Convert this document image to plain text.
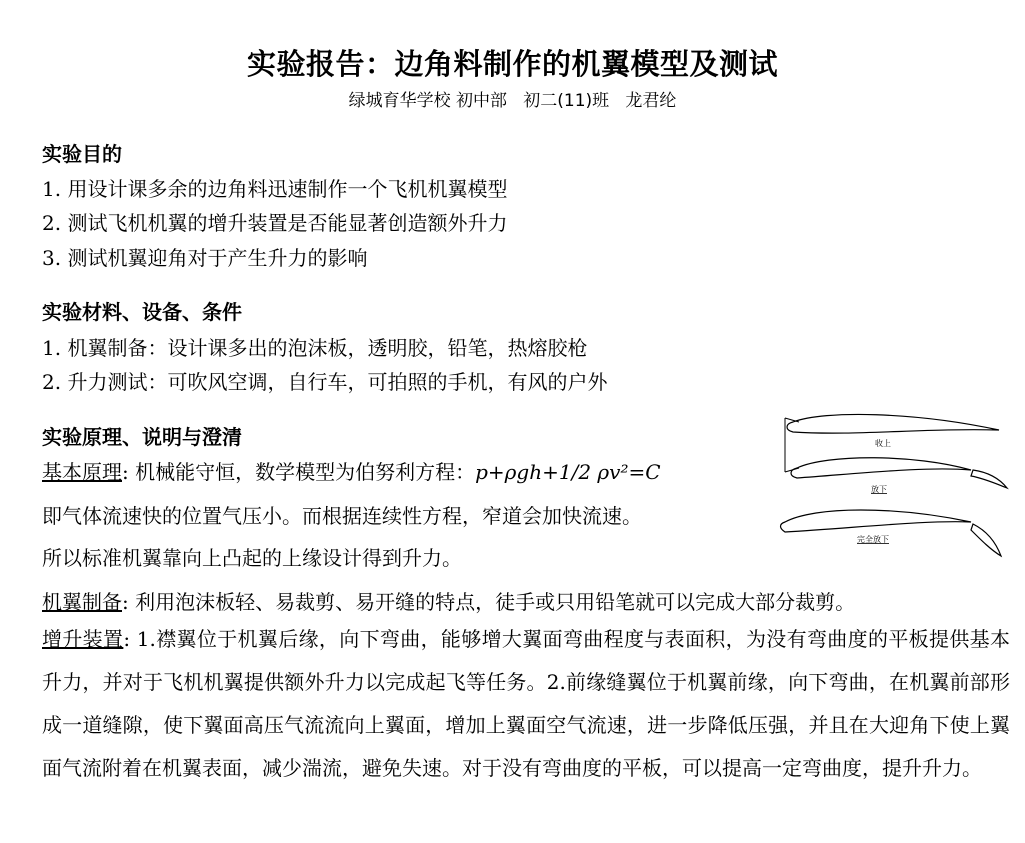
实验报告：边角料制作的机翼模型及测试
绿城育华学校 初中部   初二(11)班   龙君纶
实验目的
1. 用设计课多余的边角料迅速制作一个飞机机翼模型
2. 测试飞机机翼的增升装置是否能显著创造额外升力
3. 测试机翼迎角对于产生升力的影响
实验材料、设备、条件
1. 机翼制备：设计课多出的泡沫板，透明胶，铅笔，热熔胶枪
2. 升力测试：可吹风空调，自行车，可拍照的手机，有风的户外
实验原理、说明与澄清
基本原理: 机械能守恒，数学模型为伯努利方程：p+ρgh+1/2 ρv²=C
即气体流速快的位置气压小。而根据连续性方程，窄道会加快流速。
所以标准机翼靠向上凸起的上缘设计得到升力。
机翼制备: 利用泡沫板轻、易裁剪、易开缝的特点，徒手或只用铅笔就可以完成大部分裁剪。
增升装置: 1.襟翼位于机翼后缘，向下弯曲，能够增大翼面弯曲程度与表面积，为没有弯曲度的平板提供基本升力，并对于飞机机翼提供额外升力以完成起飞等任务。2.前缘缝翼位于机翼前缘，向下弯曲，在机翼前部形成一道缝隙，使下翼面高压气流流向上翼面，增加上翼面空气流速，进一步降低压强，并且在大迎角下使上翼面气流附着在机翼表面，减少湍流，避免失速。对于没有弯曲度的平板，可以提高一定弯曲度，提升升力。
收上
放下
完全放下
